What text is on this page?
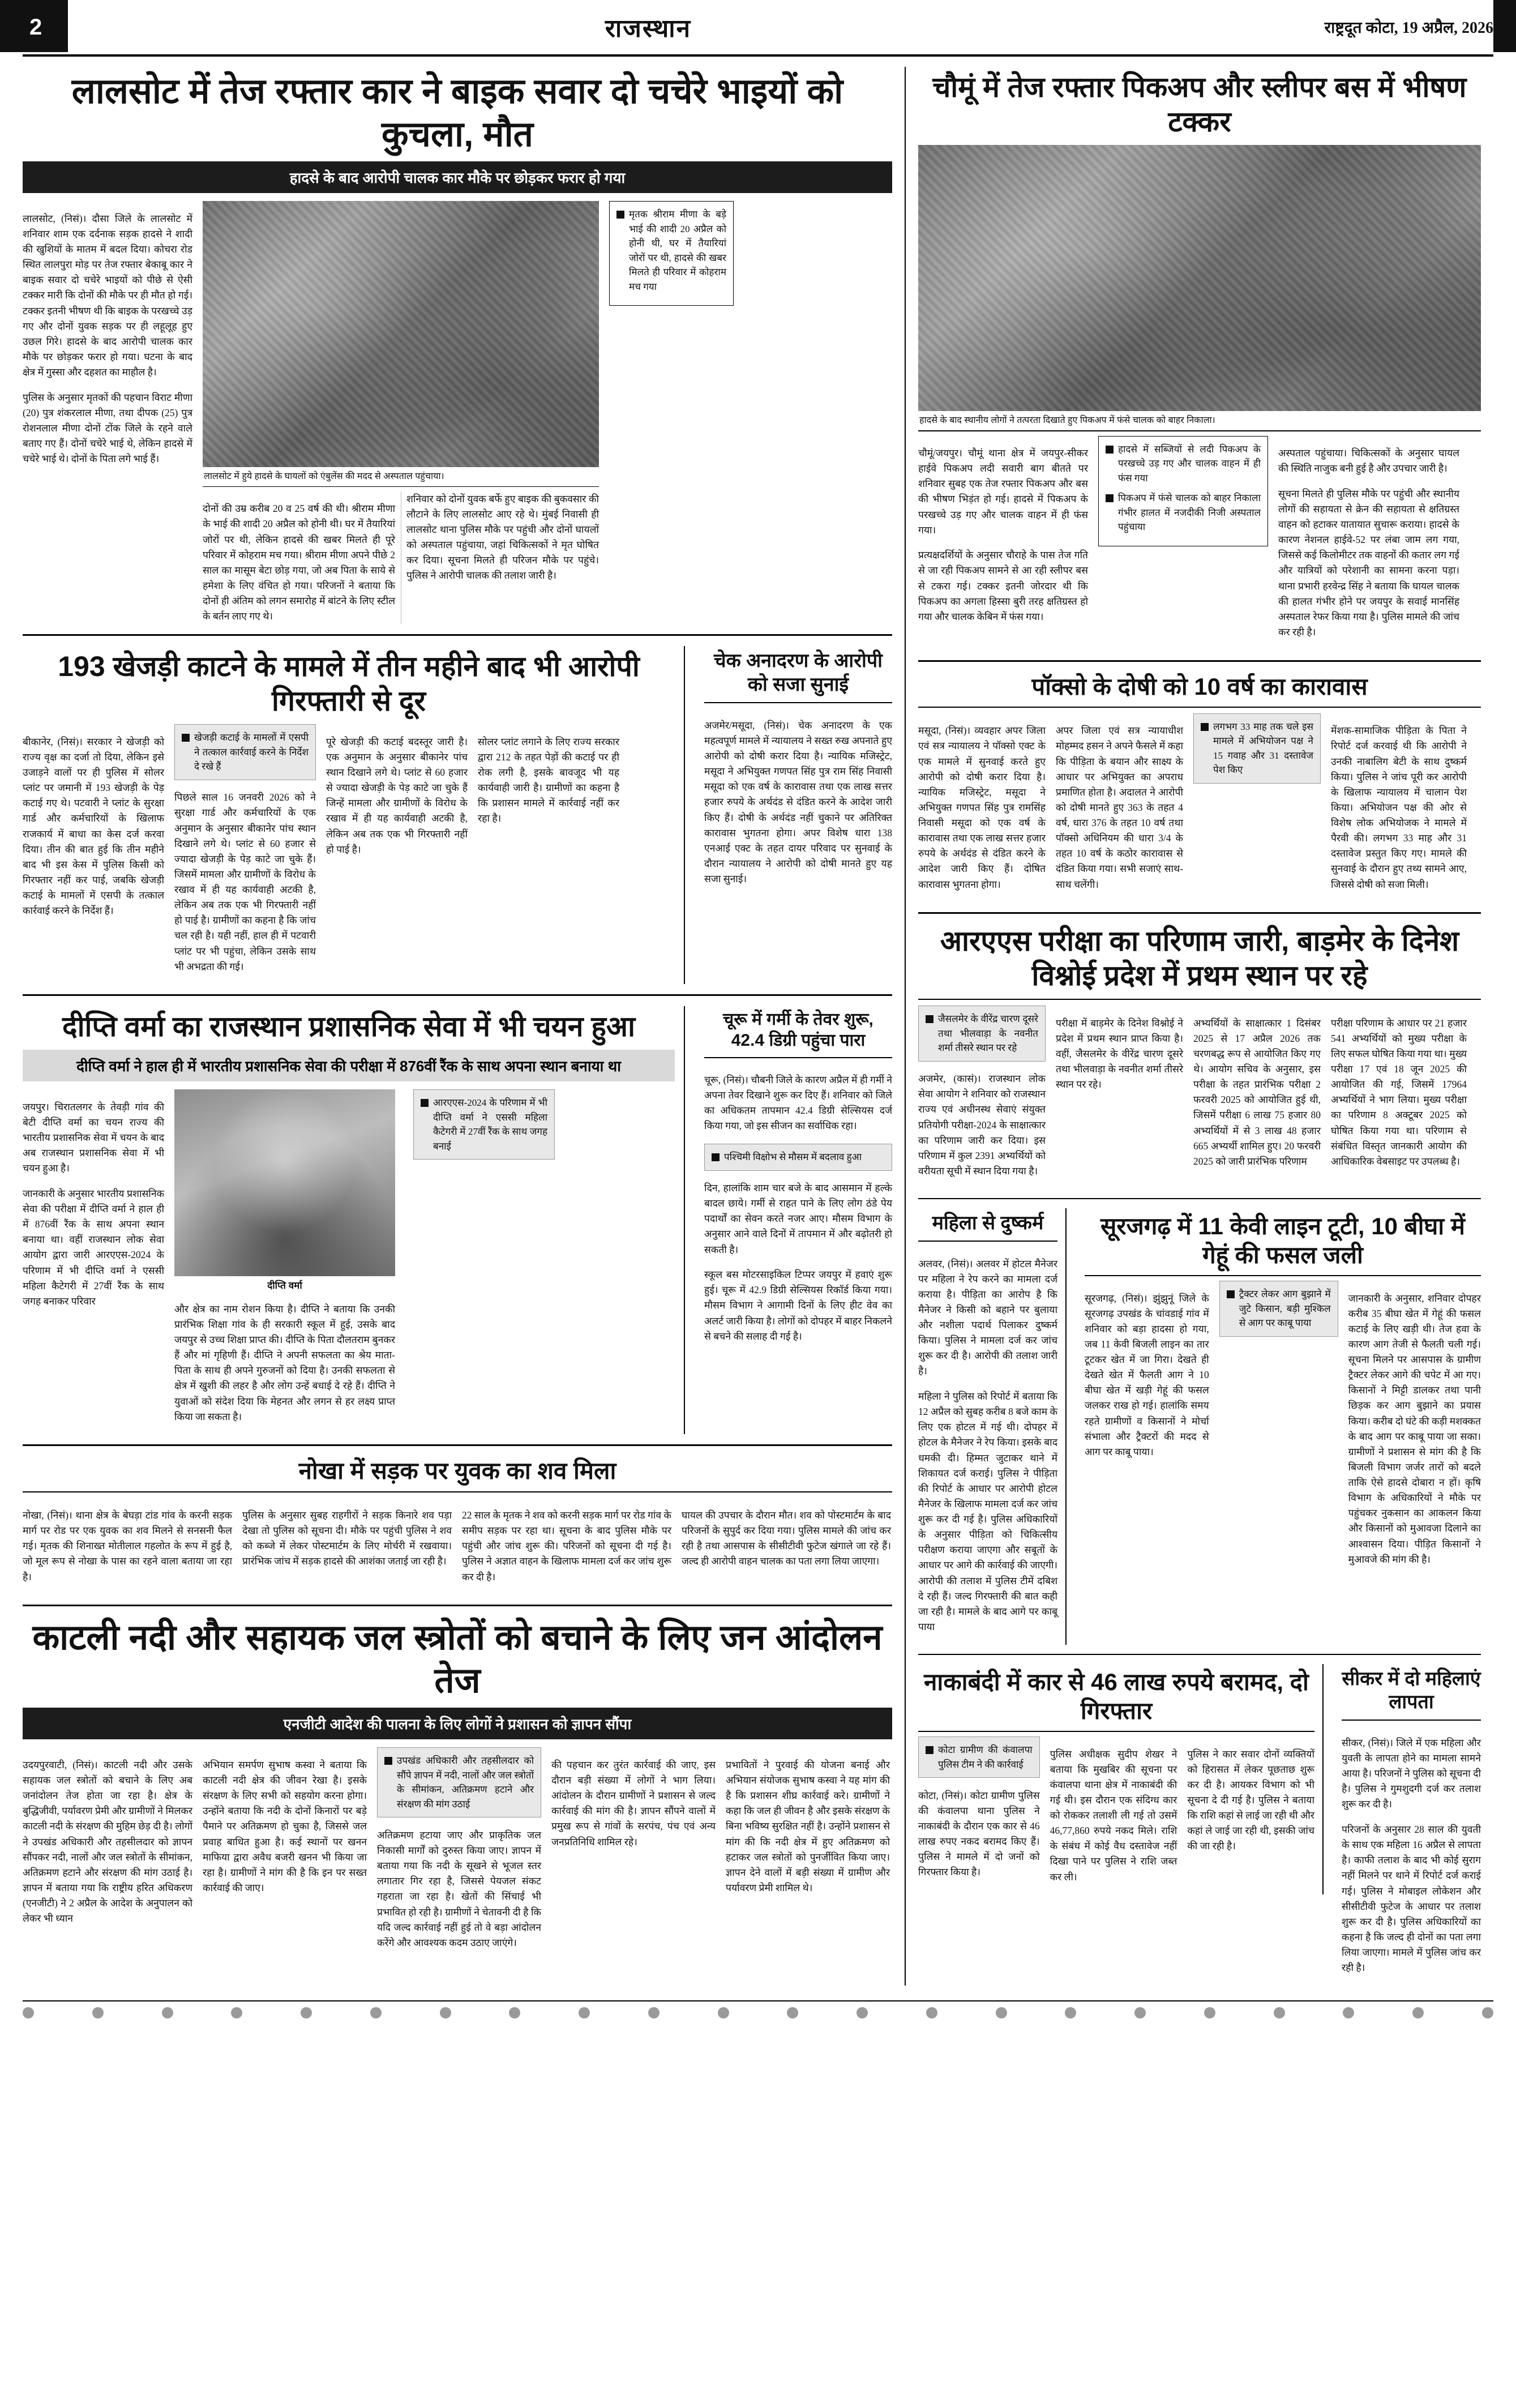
2	राजस्थान	राष्ट्रदूत कोटा, 19 अप्रैल, 2026
लालसोट में तेज रफ्तार कार ने बाइक सवार दो चचेरे भाइयों को कुचला, मौत
हादसे के बाद आरोपी चालक कार मौके पर छोड़कर फरार हो गया

लालसोट, (निसं)। दौसा जिले के लालसोट में शनिवार शाम एक दर्दनाक सड़क हादसे ने शादी की खुशियों के मातम में बदल दिया। कोचरा रोड स्थित लालपुरा मोड़ पर तेज रफ्तार बेकाबू कार ने बाइक सवार दो चचेरे भाइयों को पीछे से ऐसी टक्कर मारी कि दोनों की मौके पर ही मौत हो गई। टक्कर इतनी भीषण थी कि बाइक के परखच्चे उड़ गए और दोनों युवक सड़क पर ही लहूलूह हुए उछल गिरे। हादसे के बाद आरोपी चालक कार मौके पर छोड़कर फरार हो गया। घटना के बाद क्षेत्र में गुस्सा और दहशत का माहौल है।

पुलिस के अनुसार मृतकों की पहचान विराट मीणा (20) पुत्र शंकरलाल मीणा, तथा दीपक (25) पुत्र रोशनलाल मीणा दोनों टोंक जिले के रहने वाले बताए गए हैं। दोनों चचेरे भाई थे, लेकिन हादसे में चचेरे भाई थे। दोनों के पिता लगे भाई हैं।

लालसोट में हुये हादसे के घायलों को एंबुलेंस की मदद से अस्पताल पहुंचाया।

दोनों की उम्र करीब 20 व 25 वर्ष की थी। श्रीराम मीणा के भाई की शादी 20 अप्रैल को होनी थी। घर में तैयारियां जोरों पर थी, लेकिन हादसे की खबर मिलते ही पूरे परिवार में कोहराम मच गया। श्रीराम मीणा अपने पीछे 2 साल का मासूम बेटा छोड़ गया, जो अब पिता के साये से हमेशा के लिए वंचित हो गया। परिजनों ने बताया कि दोनों ही अंतिम को लगन समारोह में बांटने के लिए स्टील के बर्तन लाए गए थे।

शनिवार को दोनों युवक बर्फे हुए बाइक की बुकवसार की लौटाने के लिए लालसोट आए रहे थे। मुंबई निवासी ही लालसोट थाना पुलिस मौके पर पहुंची और दोनों घायलों को अस्पताल पहुंचाया, जहां चिकित्सकों ने मृत घोषित कर दिया। सूचना मिलते ही परिजन मौके पर पहुंचे। पुलिस ने आरोपी चालक की तलाश जारी है।

मृतक श्रीराम मीणा के बड़े भाई की शादी 20 अप्रैल को होनी थी, घर में तैयारियां जोरों पर थी, हादसे की खबर मिलते ही परिवार में कोहराम मच गया
193 खेजड़ी काटने के मामले में तीन महीने बाद भी आरोपी गिरफ्तारी से दूर

बीकानेर, (निसं)। सरकार ने खेजड़ी को राज्य वृक्ष का दर्जा तो दिया, लेकिन इसे उजाड़ने वालों पर ही पुलिस में सोलर प्लांट पर जमानी में 193 खेजड़ी के पेड़ कटाई गए थे। पटवारी ने प्लांट के सुरक्षा गार्ड और कर्मचारियों के खिलाफ राजकार्य में बाधा का केस दर्ज करवा दिया। तीन की बात हुई कि तीन महीने बाद भी इस केस में पुलिस किसी को गिरफ्तार नहीं कर पाई, जबकि खेजड़ी कटाई के मामलों में एसपी के तत्काल कार्रवाई करने के निर्देश हैं।

खेजड़ी कटाई के मामलों में एसपी ने तत्काल कार्रवाई करने के निर्देश दे रखे हैं

पिछले साल 16 जनवरी 2026 को ने सुरक्षा गार्ड और कर्मचारियों के एक अनुमान के अनुसार बीकानेर पांच स्थान दिखाने लगे थे। प्लांट से 60 हजार से ज्यादा खेजड़ी के पेड़ काटे जा चुके हैं। जिसमें मामला और ग्रामीणों के विरोध के रखाव में ही यह कार्यवाही अटकी है, लेकिन अब तक एक भी गिरफ्तारी नहीं हो पाई है। ग्रामीणों का कहना है कि जांच चल रही है। यही नहीं, हाल ही में पटवारी प्लांट पर भी पहुंचा, लेकिन उसके साथ भी अभद्रता की गई।

पूरे खेजड़ी की कटाई बदस्तूर जारी है। एक अनुमान के अनुसार बीकानेर पांच स्थान दिखाने लगे थे। प्लांट से 60 हजार से ज्यादा खेजड़ी के पेड़ काटे जा चुके हैं जिन्हें मामला और ग्रामीणों के विरोध के रखाव में ही यह कार्यवाही अटकी है, लेकिन अब तक एक भी गिरफ्तारी नहीं हो पाई है।

सोलर प्लांट लगाने के लिए राज्य सरकार द्वारा 212 के तहत पेड़ों की कटाई पर ही रोक लगी है, इसके बावजूद भी यह कार्यवाही जारी है। ग्रामीणों का कहना है कि प्रशासन मामले में कार्रवाई नहीं कर रहा है।

चेक अनादरण के आरोपी को सजा सुनाई

अजमेर/मसूदा, (निसं)। चेक अनादरण के एक महत्वपूर्ण मामले में न्यायालय ने सख्त रुख अपनाते हुए आरोपी को दोषी करार दिया है। न्यायिक मजिस्ट्रेट, मसूदा ने अभियुक्त गणपत सिंह पुत्र राम सिंह निवासी मसूदा को एक वर्ष के कारावास तथा एक लाख सत्तर हजार रुपये के अर्थदंड से दंडित करने के आदेश जारी किए हैं। दोषी के अर्थदंड नहीं चुकाने पर अतिरिक्त कारावास भुगतना होगा। अपर विशेष धारा 138 एनआई एक्ट के तहत दायर परिवाद पर सुनवाई के दौरान न्यायालय ने आरोपी को दोषी मानते हुए यह सजा सुनाई।

दीप्ति वर्मा का राजस्थान प्रशासनिक सेवा में भी चयन हुआ
दीप्ति वर्मा ने हाल ही में भारतीय प्रशासनिक सेवा की परीक्षा में 876वीं रैंक के साथ अपना स्थान बनाया था

जयपुर। चिरातलगर के तेवड़ी गांव की बेटी दीप्ति वर्मा का चयन राज्य की भारतीय प्रशासनिक सेवा में चयन के बाद अब राजस्थान प्रशासनिक सेवा में भी चयन हुआ है।

जानकारी के अनुसार भारतीय प्रशासनिक सेवा की परीक्षा में दीप्ति वर्मा ने हाल ही में 876वीं रैंक के साथ अपना स्थान बनाया था। वहीं राजस्थान लोक सेवा आयोग द्वारा जारी आरएएस-2024 के परिणाम में भी दीप्ति वर्मा ने एससी महिला कैटेगरी में 27वीं रैंक के साथ जगह बनाकर परिवार

दीप्ति वर्मा

और क्षेत्र का नाम रोशन किया है। दीप्ति ने बताया कि उनकी प्रारंभिक शिक्षा गांव के ही सरकारी स्कूल में हुई, उसके बाद जयपुर से उच्च शिक्षा प्राप्त की। दीप्ति के पिता दौलतराम बुनकर हैं और मां गृहिणी हैं। दीप्ति ने अपनी सफलता का श्रेय माता-पिता के साथ ही अपने गुरुजनों को दिया है। उनकी सफलता से क्षेत्र में खुशी की लहर है और लोग उन्हें बधाई दे रहे हैं। दीप्ति ने युवाओं को संदेश दिया कि मेहनत और लगन से हर लक्ष्य प्राप्त किया जा सकता है।

आरएएस-2024 के परिणाम में भी दीप्ति वर्मा ने एससी महिला कैटेगरी में 27वीं रैंक के साथ जगह बनाई
चूरू में गर्मी के तेवर शुरू, 42.4 डिग्री पहुंचा पारा

चूरू, (निसं)। चौबनी जिले के कारण अप्रैल में ही गर्मी ने अपना तेवर दिखाने शुरू कर दिए हैं। शनिवार को जिले का अधिकतम तापमान 42.4 डिग्री सेल्सियस दर्ज किया गया, जो इस सीजन का सर्वाधिक रहा।

पश्चिमी विक्षोभ से मौसम में बदलाव हुआ

दिन, हालांकि शाम चार बजे के बाद आसमान में हल्के बादल छाये। गर्मी से राहत पाने के लिए लोग ठंडे पेय पदार्थों का सेवन करते नजर आए। मौसम विभाग के अनुसार आने वाले दिनों में तापमान में और बढ़ोतरी हो सकती है।

स्कूल बस मोटरसाइकिल टिप्पर जयपुर में हवाएं शुरू हुई। चूरू में 42.9 डिग्री सेल्सियस रिकॉर्ड किया गया। मौसम विभाग ने आगामी दिनों के लिए हीट वेव का अलर्ट जारी किया है। लोगों को दोपहर में बाहर निकलने से बचने की सलाह दी गई है।

नोखा में सड़क पर युवक का शव मिला

नोखा, (निसं)। थाना क्षेत्र के बेघड़ा टांड गांव के करनी सड़क मार्ग पर रोड पर एक युवक का शव मिलने से सनसनी फैल गई। मृतक की शिनाख्त मोतीलाल गहलोत के रूप में हुई है, जो मूल रूप से नोखा के पास का रहने वाला बताया जा रहा है।

पुलिस के अनुसार सुबह राहगीरों ने सड़क किनारे शव पड़ा देखा तो पुलिस को सूचना दी। मौके पर पहुंची पुलिस ने शव को कब्जे में लेकर पोस्टमार्टम के लिए मोर्चरी में रखवाया। प्रारंभिक जांच में सड़क हादसे की आशंका जताई जा रही है।

22 साल के मृतक ने शव को करनी सड़क मार्ग पर रोड गांव के समीप सड़क पर रहा था। सूचना के बाद पुलिस मौके पर पहुंची और जांच शुरू की। परिजनों को सूचना दी गई है। पुलिस ने अज्ञात वाहन के खिलाफ मामला दर्ज कर जांच शुरू कर दी है।

घायल की उपचार के दौरान मौत। शव को पोस्टमार्टम के बाद परिजनों के सुपुर्द कर दिया गया। पुलिस मामले की जांच कर रही है तथा आसपास के सीसीटीवी फुटेज खंगाले जा रहे हैं। जल्द ही आरोपी वाहन चालक का पता लगा लिया जाएगा।

काटली नदी और सहायक जल स्त्रोतों को बचाने के लिए जन आंदोलन तेज
एनजीटी आदेश की पालना के लिए लोगों ने प्रशासन को ज्ञापन सौंपा

उदयपुरवाटी, (निसं)। काटली नदी और उसके सहायक जल स्त्रोतों को बचाने के लिए अब जनांदोलन तेज होता जा रहा है। क्षेत्र के बुद्धिजीवी, पर्यावरण प्रेमी और ग्रामीणों ने मिलकर काटली नदी के संरक्षण की मुहिम छेड़ दी है। लोगों ने उपखंड अधिकारी और तहसीलदार को ज्ञापन सौंपकर नदी, नालों और जल स्त्रोतों के सीमांकन, अतिक्रमण हटाने और संरक्षण की मांग उठाई है। ज्ञापन में बताया गया कि राष्ट्रीय हरित अधिकरण (एनजीटी) ने 2 अप्रैल के आदेश के अनुपालन को लेकर भी ध्यान

अभियान समर्पण सुभाष कस्वा ने बताया कि काटली नदी क्षेत्र की जीवन रेखा है। इसके संरक्षण के लिए सभी को सहयोग करना होगा। उन्होंने बताया कि नदी के दोनों किनारों पर बड़े पैमाने पर अतिक्रमण हो चुका है, जिससे जल प्रवाह बाधित हुआ है। कई स्थानों पर खनन माफिया द्वारा अवैध बजरी खनन भी किया जा रहा है। ग्रामीणों ने मांग की है कि इन पर सख्त कार्रवाई की जाए।

उपखंड अधिकारी और तहसीलदार को सौंपे ज्ञापन में नदी, नालों और जल स्त्रोतों के सीमांकन, अतिक्रमण हटाने और संरक्षण की मांग उठाई

अतिक्रमण हटाया जाए और प्राकृतिक जल निकासी मार्गों को दुरुस्त किया जाए। ज्ञापन में बताया गया कि नदी के सूखने से भूजल स्तर लगातार गिर रहा है, जिससे पेयजल संकट गहराता जा रहा है। खेतों की सिंचाई भी प्रभावित हो रही है। ग्रामीणों ने चेतावनी दी है कि यदि जल्द कार्रवाई नहीं हुई तो वे बड़ा आंदोलन करेंगे और आवश्यक कदम उठाए जाएंगे।

की पहचान कर तुरंत कार्रवाई की जाए, इस दौरान बड़ी संख्या में लोगों ने भाग लिया। आंदोलन के दौरान ग्रामीणों ने प्रशासन से जल्द कार्रवाई की मांग की है। ज्ञापन सौंपने वालों में प्रमुख रूप से गांवों के सरपंच, पंच एवं अन्य जनप्रतिनिधि शामिल रहे।

प्रभावितों ने पुरवाई की योजना बनाई और अभियान संयोजक सुभाष कस्वा ने यह मांग की है कि प्रशासन शीघ्र कार्रवाई करे। ग्रामीणों ने कहा कि जल ही जीवन है और इसके संरक्षण के बिना भविष्य सुरक्षित नहीं है। उन्होंने प्रशासन से मांग की कि नदी क्षेत्र में हुए अतिक्रमण को हटाकर जल स्त्रोतों को पुनर्जीवित किया जाए। ज्ञापन देने वालों में बड़ी संख्या में ग्रामीण और पर्यावरण प्रेमी शामिल थे।

चौमूं में तेज रफ्तार पिकअप और स्लीपर बस में भीषण टक्कर
हादसे के बाद स्थानीय लोगों ने तत्परता दिखाते हुए पिकअप में फंसे चालक को बाहर निकाला।

चौमूं/जयपुर। चौमूं थाना क्षेत्र में जयपुर-सीकर हाईवे पिकअप लदी सवारी बाग बीतते पर शनिवार सुबह एक तेज रफ्तार पिकअप और बस की भीषण भिड़ंत हो गई। हादसे में पिकअप के परखच्चे उड़ गए और चालक वाहन में ही फंस गया।

प्रत्यक्षदर्शियों के अनुसार चौराहे के पास तेज गति से जा रही पिकअप सामने से आ रही स्लीपर बस से टकरा गई। टक्कर इतनी जोरदार थी कि पिकअप का अगला हिस्सा बुरी तरह क्षतिग्रस्त हो गया और चालक केबिन में फंस गया।

हादसे में सब्जियों से लदी पिकअप के परखच्चे उड़ गए और चालक वाहन में ही फंस गया
पिकअप में फंसे चालक को बाहर निकाला गंभीर हालत में नजदीकी निजी अस्पताल पहुंचाया

अस्पताल पहुंचाया। चिकित्सकों के अनुसार घायल की स्थिति नाजुक बनी हुई है और उपचार जारी है।

सूचना मिलते ही पुलिस मौके पर पहुंची और स्थानीय लोगों की सहायता से क्रेन की सहायता से क्षतिग्रस्त वाहन को हटाकर यातायात सुचारू कराया। हादसे के कारण नेशनल हाईवे-52 पर लंबा जाम लग गया, जिससे कई किलोमीटर तक वाहनों की कतार लग गई और यात्रियों को परेशानी का सामना करना पड़ा। थाना प्रभारी हरवेन्द्र सिंह ने बताया कि घायल चालक की हालत गंभीर होने पर जयपुर के सवाई मानसिंह अस्पताल रेफर किया गया है। पुलिस मामले की जांच कर रही है।

पॉक्सो के दोषी को 10 वर्ष का कारावास

मसूदा, (निसं)। व्यवहार अपर जिला एवं सत्र न्यायालय ने पॉक्सो एक्ट के एक मामले में सुनवाई करते हुए आरोपी को दोषी करार दिया है। न्यायिक मजिस्ट्रेट, मसूदा ने अभियुक्त गणपत सिंह पुत्र रामसिंह निवासी मसूदा को एक वर्ष के कारावास तथा एक लाख सत्तर हजार रुपये के अर्थदंड से दंडित करने के आदेश जारी किए हैं। दोषित कारावास भुगतना होगा।

अपर जिला एवं सत्र न्यायाधीश मोहम्मद हसन ने अपने फैसले में कहा कि पीड़िता के बयान और साक्ष्य के आधार पर अभियुक्त का अपराध प्रमाणित होता है। अदालत ने आरोपी को दोषी मानते हुए 363 के तहत 4 वर्ष, धारा 376 के तहत 10 वर्ष तथा पॉक्सो अधिनियम की धारा 3/4 के तहत 10 वर्ष के कठोर कारावास से दंडित किया गया। सभी सजाएं साथ-साथ चलेंगी।

लगभग 33 माह तक चले इस मामले में अभियोजन पक्ष ने 15 गवाह और 31 दस्तावेज पेश किए

मेंशक-सामाजिक पीड़िता के पिता ने रिपोर्ट दर्ज करवाई थी कि आरोपी ने उनकी नाबालिग बेटी के साथ दुष्कर्म किया। पुलिस ने जांच पूरी कर आरोपी के खिलाफ न्यायालय में चालान पेश किया। अभियोजन पक्ष की ओर से विशेष लोक अभियोजक ने मामले में पैरवी की। लगभग 33 माह और 31 दस्तावेज प्रस्तुत किए गए। मामले की सुनवाई के दौरान हुए तथ्य सामने आए, जिससे दोषी को सजा मिली।

आरएएस परीक्षा का परिणाम जारी, बाड़मेर के दिनेश विश्नोई प्रदेश में प्रथम स्थान पर रहे
जैसलमेर के वीरेंद्र चारण दूसरे तथा भीलवाड़ा के नवनीत शर्मा तीसरे स्थान पर रहे

अजमेर, (कासं)। राजस्थान लोक सेवा आयोग ने शनिवार को राजस्थान राज्य एवं अधीनस्थ सेवाएं संयुक्त प्रतियोगी परीक्षा-2024 के साक्षात्कार का परिणाम जारी कर दिया। इस परिणाम में कुल 2391 अभ्यर्थियों को वरीयता सूची में स्थान दिया गया है।

परीक्षा में बाड़मेर के दिनेश विश्नोई ने प्रदेश में प्रथम स्थान प्राप्त किया है। वहीं, जैसलमेर के वीरेंद्र चारण दूसरे तथा भीलवाड़ा के नवनीत शर्मा तीसरे स्थान पर रहे।

अभ्यर्थियों के साक्षात्कार 1 दिसंबर 2025 से 17 अप्रैल 2026 तक चरणबद्ध रूप से आयोजित किए गए थे। आयोग सचिव के अनुसार, इस परीक्षा के तहत प्रारंभिक परीक्षा 2 फरवरी 2025 को आयोजित हुई थी, जिसमें परीक्षा 6 लाख 75 हजार 80 अभ्यर्थियों में से 3 लाख 48 हजार 665 अभ्यर्थी शामिल हुए। 20 फरवरी 2025 को जारी प्रारंभिक परिणाम

परीक्षा परिणाम के आधार पर 21 हजार 541 अभ्यर्थियों को मुख्य परीक्षा के लिए सफल घोषित किया गया था। मुख्य परीक्षा 17 एवं 18 जून 2025 की आयोजित की गई, जिसमें 17964 अभ्यर्थियों ने भाग लिया। मुख्य परीक्षा का परिणाम 8 अक्टूबर 2025 को घोषित किया गया था। परिणाम से संबंधित विस्तृत जानकारी आयोग की आधिकारिक वेबसाइट पर उपलब्ध है।

महिला से दुष्कर्म

अलवर, (निसं)। अलवर में होटल मैनेजर पर महिला ने रेप करने का मामला दर्ज कराया है। पीड़िता का आरोप है कि मैनेजर ने किसी को बहाने पर बुलाया और नशीला पदार्थ पिलाकर दुष्कर्म किया। पुलिस ने मामला दर्ज कर जांच शुरू कर दी है। आरोपी की तलाश जारी है।

महिला ने पुलिस को रिपोर्ट में बताया कि 12 अप्रैल को सुबह करीब 8 बजे काम के लिए एक होटल में गई थी। दोपहर में होटल के मैनेजर ने रेप किया। इसके बाद धमकी दी। हिम्मत जुटाकर थाने में शिकायत दर्ज कराई। पुलिस ने पीड़िता की रिपोर्ट के आधार पर आरोपी होटल मैनेजर के खिलाफ मामला दर्ज कर जांच शुरू कर दी गई है। पुलिस अधिकारियों के अनुसार पीड़िता को चिकित्सीय परीक्षण कराया जाएगा और सबूतों के आधार पर आगे की कार्रवाई की जाएगी। आरोपी की तलाश में पुलिस टीमें दबिश दे रही हैं। जल्द गिरफ्तारी की बात कही जा रही है। मामले के बाद आगे पर काबू पाया

सूरजगढ़ में 11 केवी लाइन टूटी, 10 बीघा में गेहूं की फसल जली

सूरजगढ़, (निसं)। झुंझुनूं जिले के सूरजगढ़ उपखंड के चांवडाई गांव में शनिवार को बड़ा हादसा हो गया, जब 11 केवी बिजली लाइन का तार टूटकर खेत में जा गिरा। देखते ही देखते खेत में फैलती आग ने 10 बीघा खेत में खड़ी गेहूं की फसल जलकर राख हो गई। हालांकि समय रहते ग्रामीणों व किसानों ने मोर्चा संभाला और ट्रैक्टरों की मदद से आग पर काबू पाया।

ट्रैक्टर लेकर आग बुझाने में जुटे किसान, बड़ी मुश्किल से आग पर काबू पाया

जानकारी के अनुसार, शनिवार दोपहर करीब 35 बीघा खेत में गेहूं की फसल कटाई के लिए खड़ी थी। तेज हवा के कारण आग तेजी से फैलती चली गई। सूचना मिलने पर आसपास के ग्रामीण ट्रैक्टर लेकर आगे की चपेट में आ गए। किसानों ने मिट्टी डालकर तथा पानी छिड़क कर आग बुझाने का प्रयास किया। करीब दो घंटे की कड़ी मशक्कत के बाद आग पर काबू पाया जा सका। ग्रामीणों ने प्रशासन से मांग की है कि बिजली विभाग जर्जर तारों को बदले ताकि ऐसे हादसे दोबारा न हों। कृषि विभाग के अधिकारियों ने मौके पर पहुंचकर नुकसान का आकलन किया और किसानों को मुआवजा दिलाने का आश्वासन दिया। पीड़ित किसानों ने मुआवजे की मांग की है।

नाकाबंदी में कार से 46 लाख रुपये बरामद, दो गिरफ्तार
कोटा ग्रामीण की कंवालपा पुलिस टीम ने की कार्रवाई

कोटा, (निसं)। कोटा ग्रामीण पुलिस की कंवालपा थाना पुलिस ने नाकाबंदी के दौरान एक कार से 46 लाख रुपए नकद बरामद किए हैं। पुलिस ने मामले में दो जनों को गिरफ्तार किया है।

पुलिस अधीक्षक सुदीप शेखर ने बताया कि मुखबिर की सूचना पर कंवालपा थाना क्षेत्र में नाकाबंदी की गई थी। इस दौरान एक संदिग्ध कार को रोककर तलाशी ली गई तो उसमें 46,77,860 रुपये नकद मिले। राशि के संबंध में कोई वैध दस्तावेज नहीं दिखा पाने पर पुलिस ने राशि जब्त कर ली।

पुलिस ने कार सवार दोनों व्यक्तियों को हिरासत में लेकर पूछताछ शुरू कर दी है। आयकर विभाग को भी सूचना दे दी गई है। पुलिस ने बताया कि राशि कहां से लाई जा रही थी और कहां ले जाई जा रही थी, इसकी जांच की जा रही है।

सीकर में दो महिलाएं लापता

सीकर, (निसं)। जिले में एक महिला और युवती के लापता होने का मामला सामने आया है। परिजनों ने पुलिस को सूचना दी है। पुलिस ने गुमशुदगी दर्ज कर तलाश शुरू कर दी है।

परिजनों के अनुसार 28 साल की युवती के साथ एक महिला 16 अप्रैल से लापता है। काफी तलाश के बाद भी कोई सुराग नहीं मिलने पर थाने में रिपोर्ट दर्ज कराई गई। पुलिस ने मोबाइल लोकेशन और सीसीटीवी फुटेज के आधार पर तलाश शुरू कर दी है। पुलिस अधिकारियों का कहना है कि जल्द ही दोनों का पता लगा लिया जाएगा। मामले में पुलिस जांच कर रही है।
